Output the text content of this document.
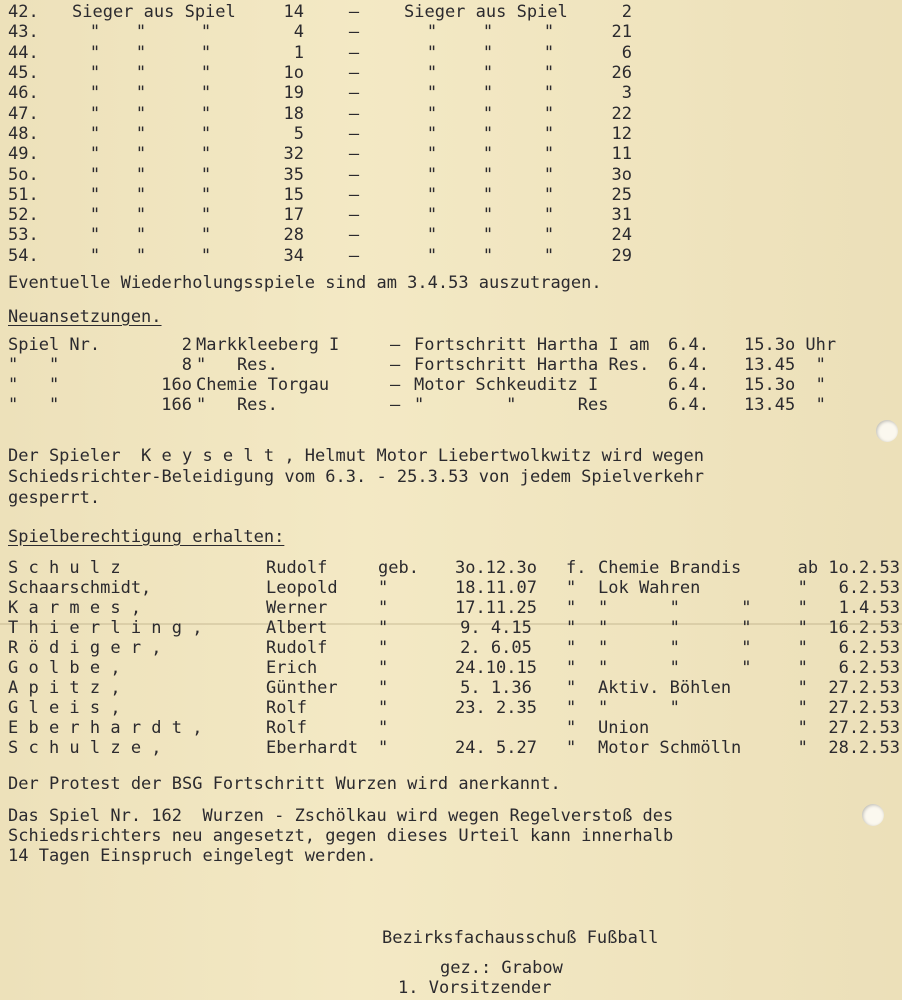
42.	Sieger aus Spiel			14	–	Sieger aus Spiel			2
43.	"	"	"	4	–	"	"	"	21
44.	"	"	"	1	–	"	"	"	6
45.	"	"	"	1o	–	"	"	"	26
46.	"	"	"	19	–	"	"	"	3
47.	"	"	"	18	–	"	"	"	22
48.	"	"	"	5	–	"	"	"	12
49.	"	"	"	32	–	"	"	"	11
5o.	"	"	"	35	–	"	"	"	3o
51.	"	"	"	15	–	"	"	"	25
52.	"	"	"	17	–	"	"	"	31
53.	"	"	"	28	–	"	"	"	24
54.	"	"	"	34	–	"	"	"	29
Eventuelle Wiederholungsspiele sind am 3.4.53 auszutragen.
Neuansetzungen.
Spiel Nr.	2	Markkleeberg I	–	Fortschritt Hartha I am	6.4.	15.3o Uhr
"   "	8	"   Res.	–	Fortschritt Hartha Res.	6.4.	13.45  "
"   "	16o	Chemie Torgau	–	Motor Schkeuditz I	6.4.	15.3o  "
"   "	166	"   Res.	–	"        "      Res	6.4.	13.45  "
Der Spieler  K e y s e l t , Helmut Motor Liebertwolkwitz wird wegen
Schiedsrichter-Beleidigung vom 6.3. - 25.3.53 von jedem Spielverkehr
gesperrt.
Spielberechtigung erhalten:
S c h u l z	Rudolf	geb.	3o.12.3o	f.	Chemie Brandis	ab 1o.2.53
Schaarschmidt,	Leopold	"	18.11.07	"	Lok Wahren	"   6.2.53
K a r m e s ,	Werner	"	17.11.25	"	"      "      "	"   1.4.53
T h i e r l i n g ,	Albert	"	9. 4.15	"	"      "      "	"  16.2.53
R ö d i g e r ,	Rudolf	"	2. 6.05	"	"      "      "	"   6.2.53
G o l b e ,	Erich	"	24.10.15	"	"      "      "	"   6.2.53
A p i t z ,	Günther	"	5. 1.36	"	Aktiv. Böhlen	"  27.2.53
G l e i s ,	Rolf	"	23. 2.35	"	"      "	"  27.2.53
E b e r h a r d t ,	Rolf	"		"	Union	"  27.2.53
S c h u l z e ,	Eberhardt	"	24. 5.27	"	Motor Schmölln	"  28.2.53
Der Protest der BSG Fortschritt Wurzen wird anerkannt.
Das Spiel Nr. 162  Wurzen - Zschölkau wird wegen Regelverstoß des
Schiedsrichters neu angesetzt, gegen dieses Urteil kann innerhalb
14 Tagen Einspruch eingelegt werden.
Bezirksfachausschuß Fußball
gez.: Grabow
1. Vorsitzender
